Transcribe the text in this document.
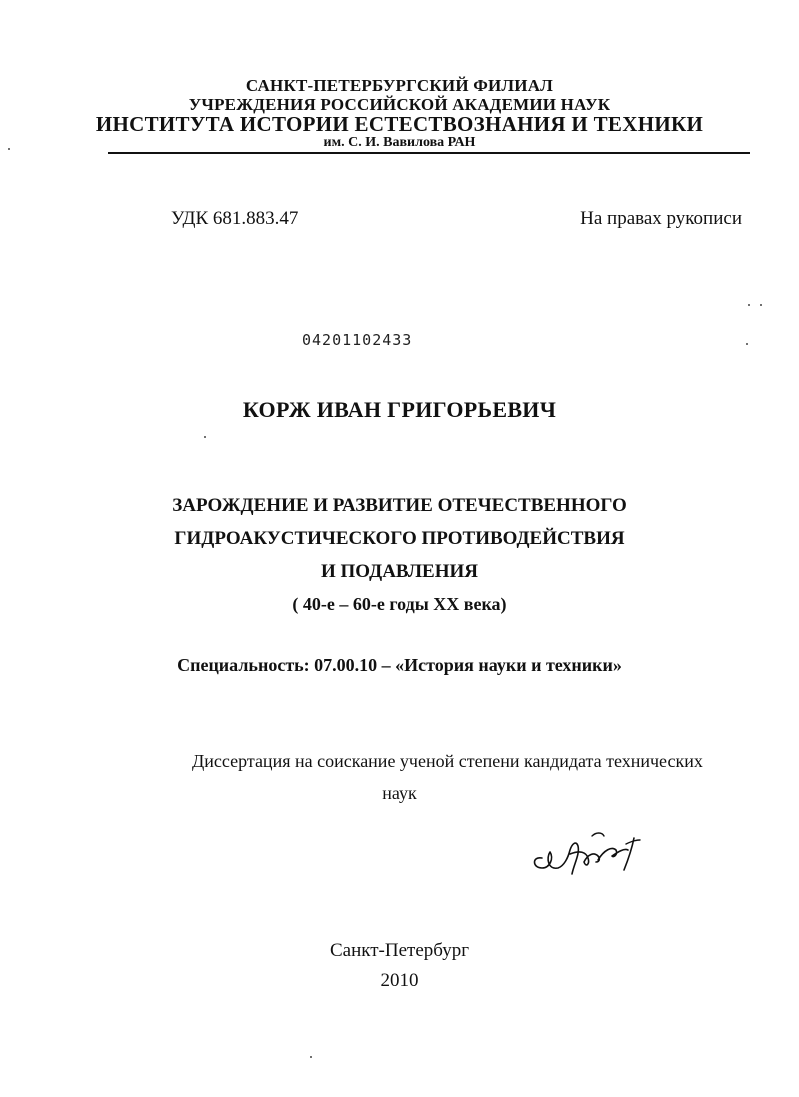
САНКТ-ПЕТЕРБУРГСКИЙ ФИЛИАЛ
УЧРЕЖДЕНИЯ РОССИЙСКОЙ АКАДЕМИИ НАУК
ИНСТИТУТА ИСТОРИИ ЕСТЕСТВОЗНАНИЯ И ТЕХНИКИ
им. С. И. Вавилова РАН
УДК 681.883.47	На правах рукописи
04201102433
КОРЖ ИВАН ГРИГОРЬЕВИЧ
ЗАРОЖДЕНИЕ И РАЗВИТИЕ ОТЕЧЕСТВЕННОГО
ГИДРОАКУСТИЧЕСКОГО ПРОТИВОДЕЙСТВИЯ
И ПОДАВЛЕНИЯ
( 40-е – 60-е годы XX века)
Специальность: 07.00.10 – «История науки и техники»
Диссертация на соискание ученой степени кандидата технических
наук
Санкт-Петербург
2010
